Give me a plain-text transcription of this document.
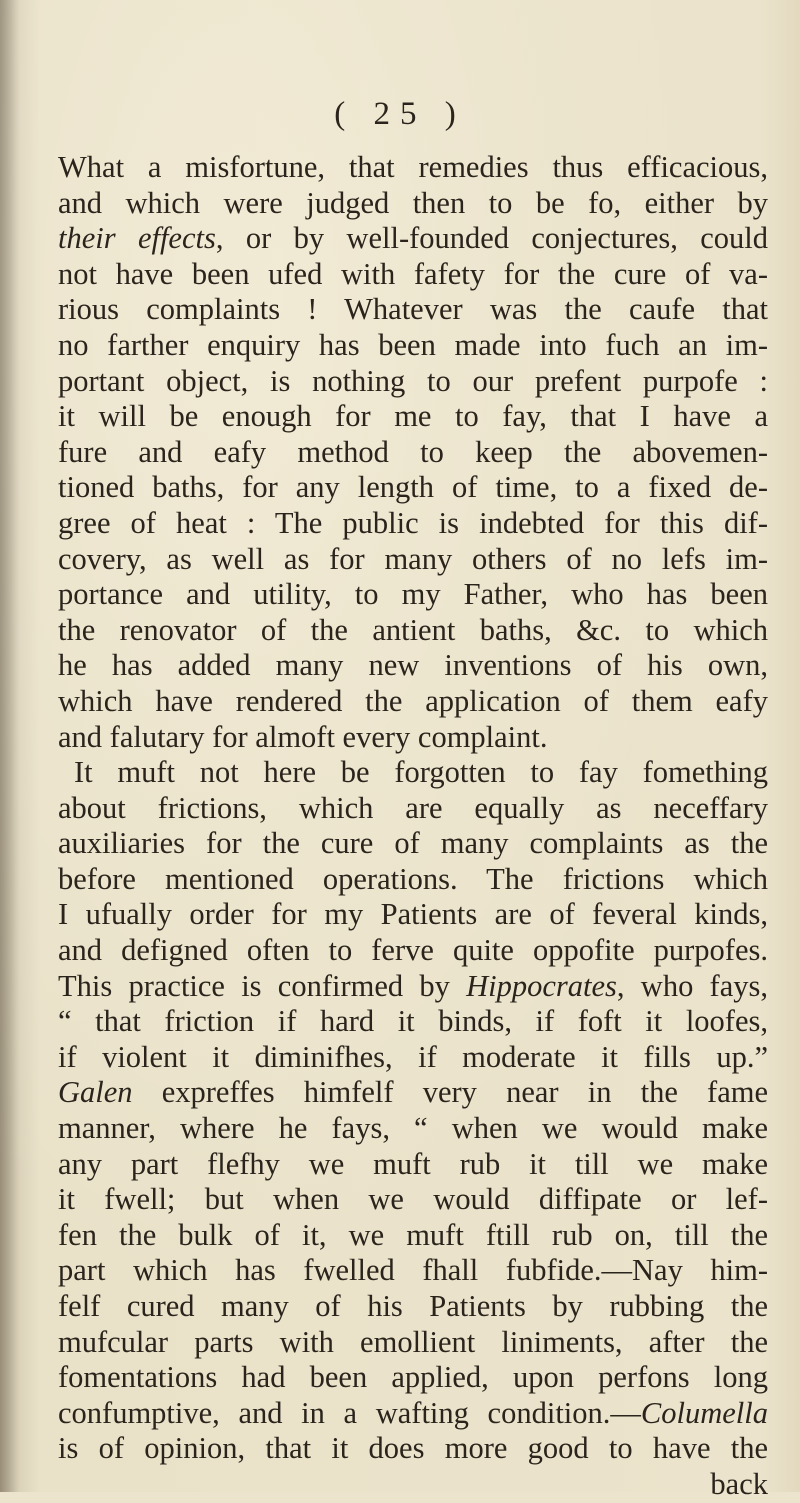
( 25 )
What a misfortune, that remedies thus efficacious,
and which were judged then to be fo, either by
their effects, or by well-founded conjectures, could
not have been ufed with fafety for the cure of va-
rious complaints ! Whatever was the caufe that
no farther enquiry has been made into fuch an im-
portant object, is nothing to our prefent purpofe :
it will be enough for me to fay, that I have a
fure and eafy method to keep the abovemen-
tioned baths, for any length of time, to a fixed de-
gree of heat : The public is indebted for this dif-
covery, as well as for many others of no lefs im-
portance and utility, to my Father, who has been
the renovator of the antient baths, &c. to which
he has added many new inventions of his own,
which have rendered the application of them eafy
and falutary for almoft every complaint.
It muft not here be forgotten to fay fomething
about frictions, which are equally as neceffary
auxiliaries for the cure of many complaints as the
before mentioned operations. The frictions which
I ufually order for my Patients are of feveral kinds,
and defigned often to ferve quite oppofite purpofes.
This practice is confirmed by Hippocrates, who fays,
“ that friction if hard it binds, if foft it loofes,
if violent it diminifhes, if moderate it fills up.”
Galen expreffes himfelf very near in the fame
manner, where he fays, “ when we would make
any part flefhy we muft rub it till we make
it fwell; but when we would diffipate or lef-
fen the bulk of it, we muft ftill rub on, till the
part which has fwelled fhall fubfide.—Nay him-
felf cured many of his Patients by rubbing the
mufcular parts with emollient liniments, after the
fomentations had been applied, upon perfons long
confumptive, and in a wafting condition.—Columella
is of opinion, that it does more good to have the
back
